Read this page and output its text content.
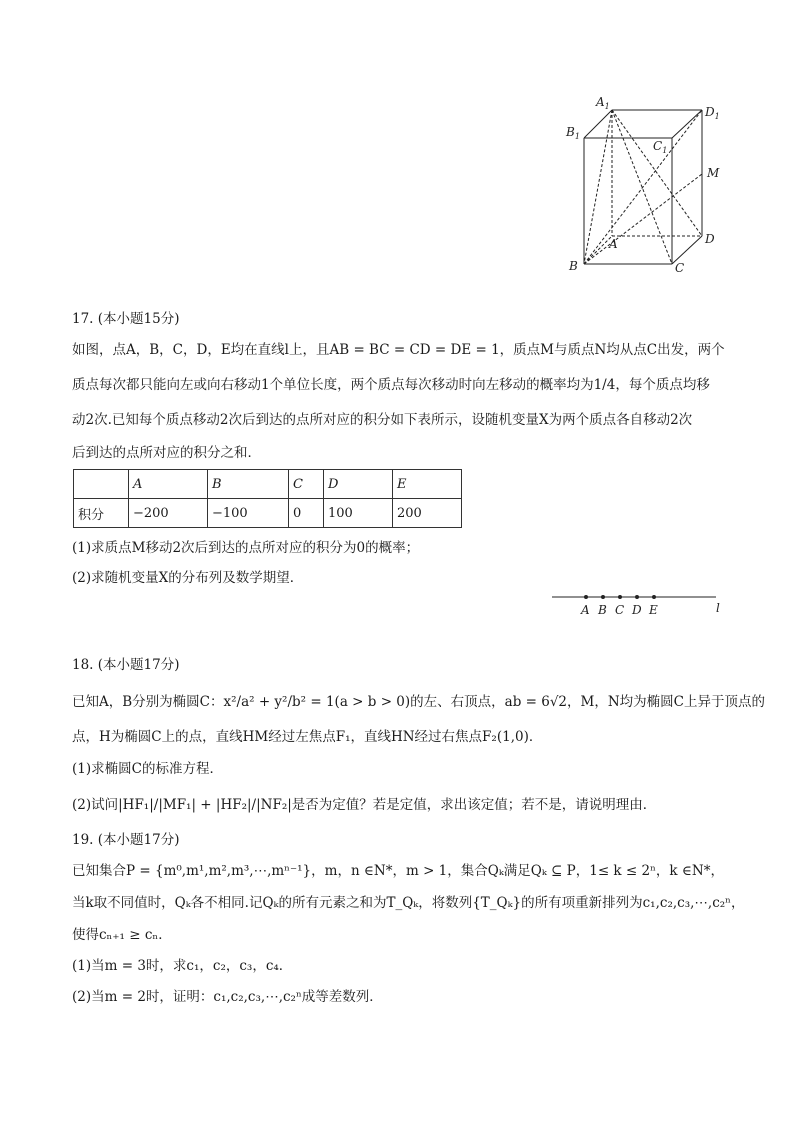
$A_1$	$D_1$
$B_1$
$C_1$
M
A	D
B	C
17. (本小题15分)
如图，点A，B，C，D，E均在直线l上，且AB = BC = CD = DE = 1，质点M与质点N均从点C出发，两个
质点每次都只能向左或向右移动1个单位长度，两个质点每次移动时向左移动的概率均为1/4，每个质点均移
动2次.已知每个质点移动2次后到达的点所对应的积分如下表所示，设随机变量X为两个质点各自移动2次
后到达的点所对应的积分之和．
	A	B	C	D	E
积分	−200	−100	0	100	200
(1)求质点M移动2次后到达的点所对应的积分为0的概率；
(2)求随机变量X的分布列及数学期望．
A B C D E	l
18. (本小题17分)
已知A，B分别为椭圆C：x²/a² + y²/b² = 1(a > b > 0)的左、右顶点，ab = 6√2，M，N均为椭圆C上异于顶点的
点，H为椭圆C上的点，直线HM经过左焦点F₁，直线HN经过右焦点F₂(1,0)．
(1)求椭圆C的标准方程．
(2)试问|HF₁|/|MF₁| + |HF₂|/|NF₂|是否为定值？若是定值，求出该定值；若不是，请说明理由．
19. (本小题17分)
已知集合P = {m⁰,m¹,m²,m³,⋯,mⁿ⁻¹}，m，n ∈N*，m > 1，集合Qₖ满足Qₖ ⊆ P，1≤ k ≤ 2ⁿ，k ∈N*，
当k取不同值时，Qₖ各不相同.记Qₖ的所有元素之和为T_Qₖ，将数列{T_Qₖ}的所有项重新排列为c₁,c₂,c₃,⋯,c₂ⁿ，
使得cₙ₊₁ ≥ cₙ．
(1)当m = 3时，求c₁，c₂，c₃，c₄．
(2)当m = 2时，证明：c₁,c₂,c₃,⋯,c₂ⁿ成等差数列．
